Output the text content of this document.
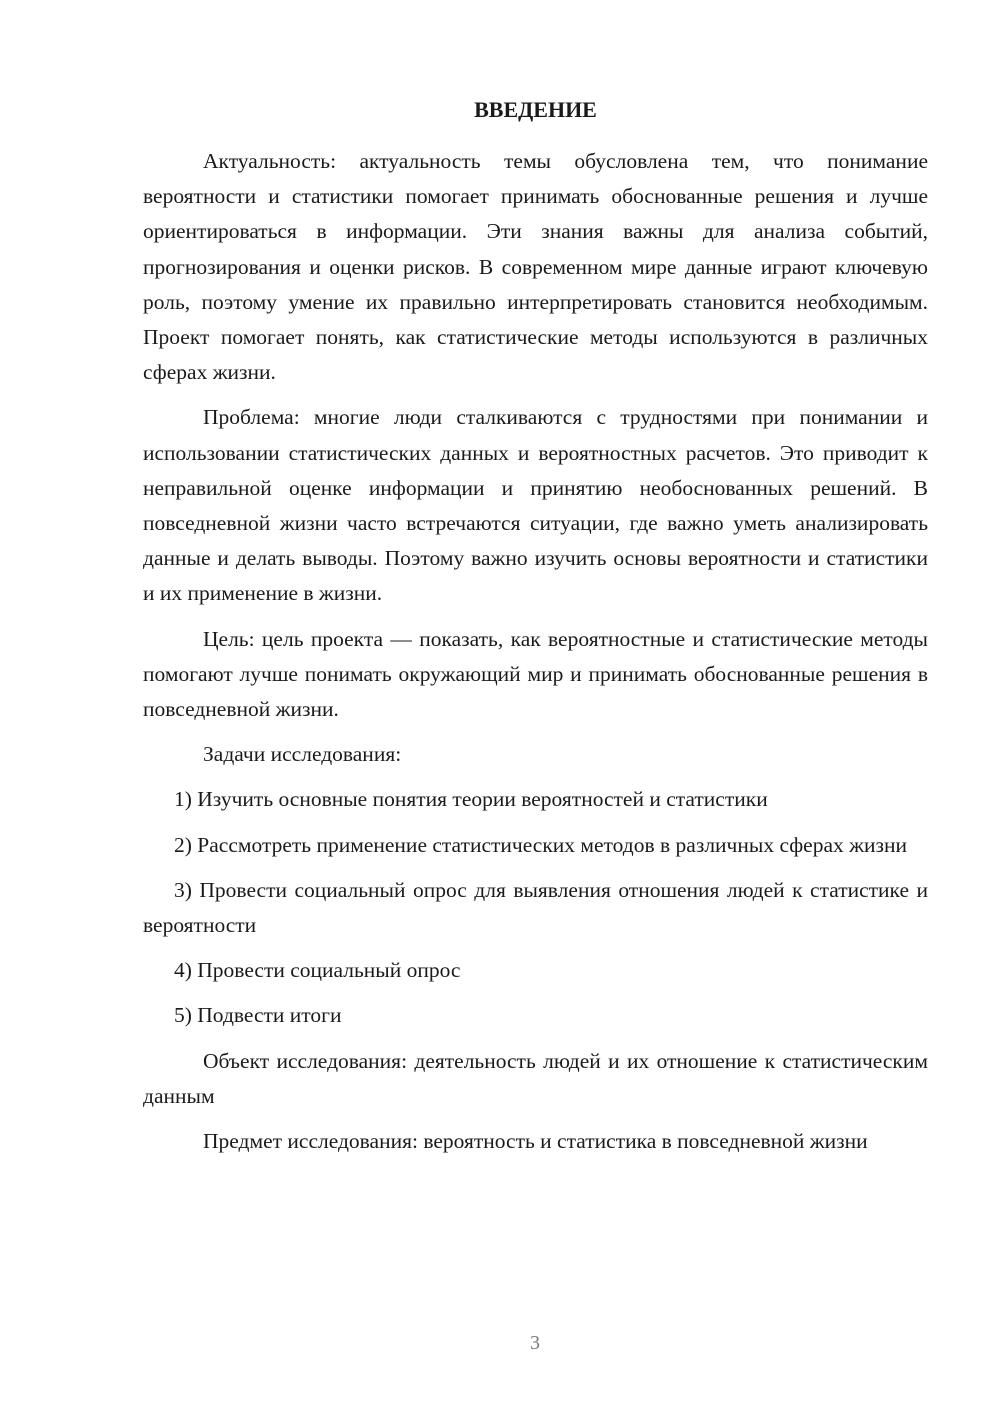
ВВЕДЕНИЕ

Актуальность: актуальность темы обусловлена тем, что понимание вероятности и статистики помогает принимать обоснованные решения и лучше ориентироваться в информации. Эти знания важны для анализа событий, прогнозирования и оценки рисков. В современном мире данные играют ключевую роль, поэтому умение их правильно интерпретировать становится необходимым. Проект помогает понять, как статистические методы используются в различных сферах жизни.

Проблема: многие люди сталкиваются с трудностями при понимании и использовании статистических данных и вероятностных расчетов. Это приводит к неправильной оценке информации и принятию необоснованных решений. В повседневной жизни часто встречаются ситуации, где важно уметь анализировать данные и делать выводы. Поэтому важно изучить основы вероятности и статистики и их применение в жизни.

Цель: цель проекта — показать, как вероятностные и статистические методы помогают лучше понимать окружающий мир и принимать обоснованные решения в повседневной жизни.

Задачи исследования:

1) Изучить основные понятия теории вероятностей и статистики

2) Рассмотреть применение статистических методов в различных сферах жизни

3) Провести социальный опрос для выявления отношения людей к статистике и вероятности

4) Провести социальный опрос

5) Подвести итоги

Объект исследования: деятельность людей и их отношение к статистическим данным

Предмет исследования: вероятность и статистика в повседневной жизни

3
